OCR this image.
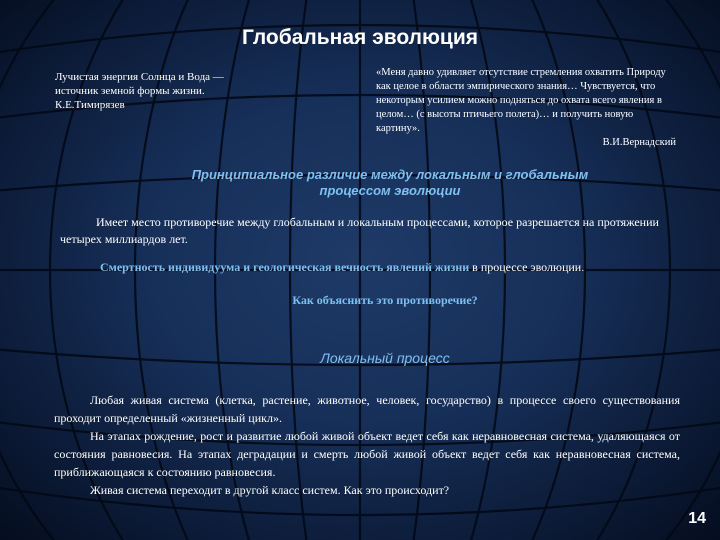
Глобальная эволюция
Лучистая энергия Солнца и Вода — источник земной формы жизни.
К.Е.Тимирязев
«Меня давно удивляет отсутствие стремления охватить Природу как целое в области эмпирического знания… Чувствуется, что некоторым усилием можно подняться до охвата всего явления в целом… (с высоты птичьего полета)… и получить новую картину».
В.И.Вернадский
Принципиальное различие между локальным и глобальным процессом эволюции
Имеет место противоречие между глобальным и локальным процессами, которое разрешается на протяжении четырех миллиардов лет.
Смертность индивидуума и геологическая вечность явлений жизни в процессе эволюции.
Как объяснить это противоречие?
Локальный процесс

Любая живая система (клетка, растение, животное, человек, государство) в процессе своего существования проходит определенный «жизненный цикл».

На этапах рождение, рост и развитие любой живой объект ведет себя как неравновесная система, удаляющаяся от состояния равновесия. На этапах деградации и смерть любой живой объект ведет себя как неравновесная система, приближающаяся к состоянию равновесия.

Живая система переходит в другой класс систем. Как это происходит?

14
